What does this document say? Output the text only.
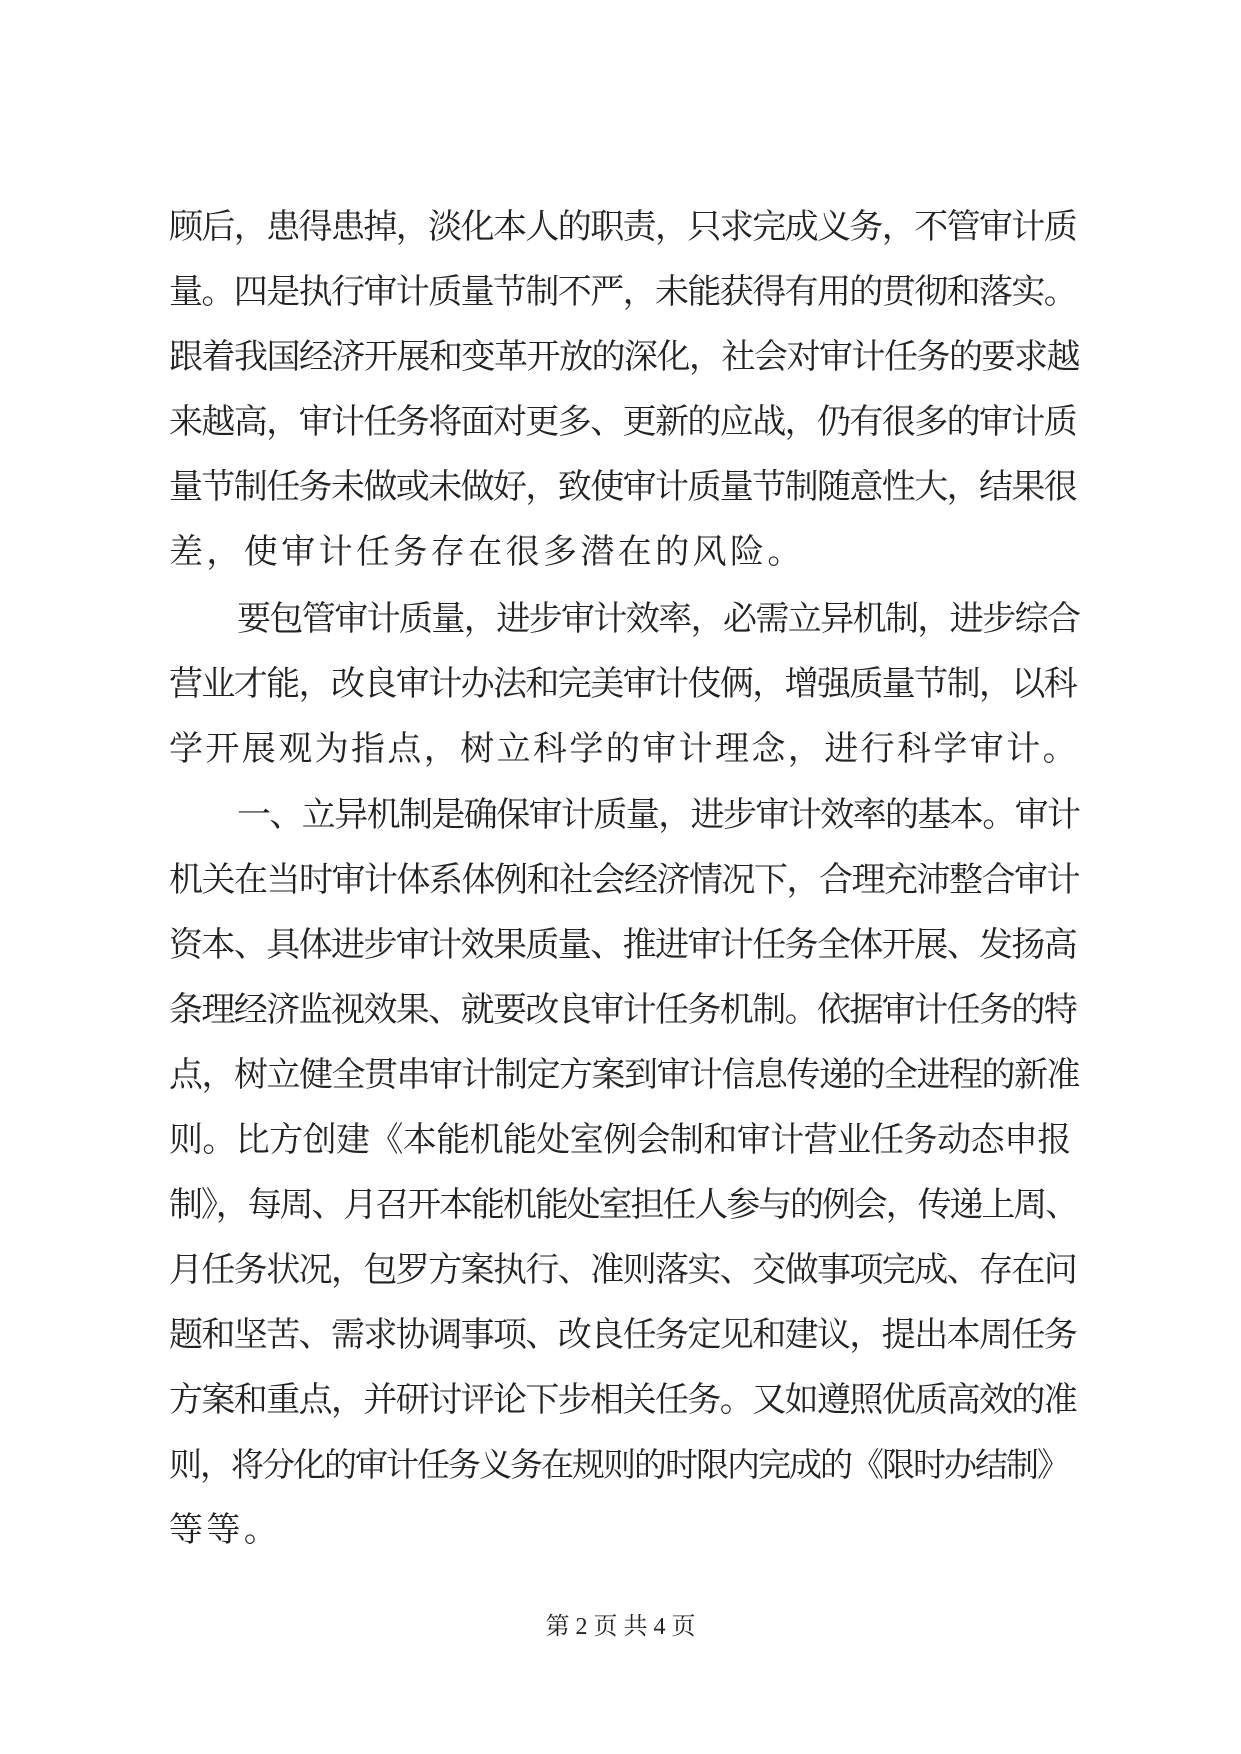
顾后，患得患掉，淡化本人的职责，只求完成义务，不管审计质
量。四是执行审计质量节制不严，未能获得有用的贯彻和落实。
跟着我国经济开展和变革开放的深化，社会对审计任务的要求越
来越高，审计任务将面对更多、更新的应战，仍有很多的审计质
量节制任务未做或未做好，致使审计质量节制随意性大，结果很
差，使审计任务存在很多潜在的风险。
要包管审计质量，进步审计效率，必需立异机制，进步综合
营业才能，改良审计办法和完美审计伎俩，增强质量节制，以科
学开展观为指点，树立科学的审计理念，进行科学审计。
一、立异机制是确保审计质量，进步审计效率的基本。审计
机关在当时审计体系体例和社会经济情况下，合理充沛整合审计
资本、具体进步审计效果质量、推进审计任务全体开展、发扬高
条理经济监视效果、就要改良审计任务机制。依据审计任务的特
点，树立健全贯串审计制定方案到审计信息传递的全进程的新准
则。比方创建《本能机能处室例会制和审计营业任务动态申报
制》，每周、月召开本能机能处室担任人参与的例会，传递上周、
月任务状况，包罗方案执行、准则落实、交做事项完成、存在问
题和坚苦、需求协调事项、改良任务定见和建议，提出本周任务
方案和重点，并研讨评论下步相关任务。又如遵照优质高效的准
则，将分化的审计任务义务在规则的时限内完成的《限时办结制》
等等。
第 2 页 共 4 页
